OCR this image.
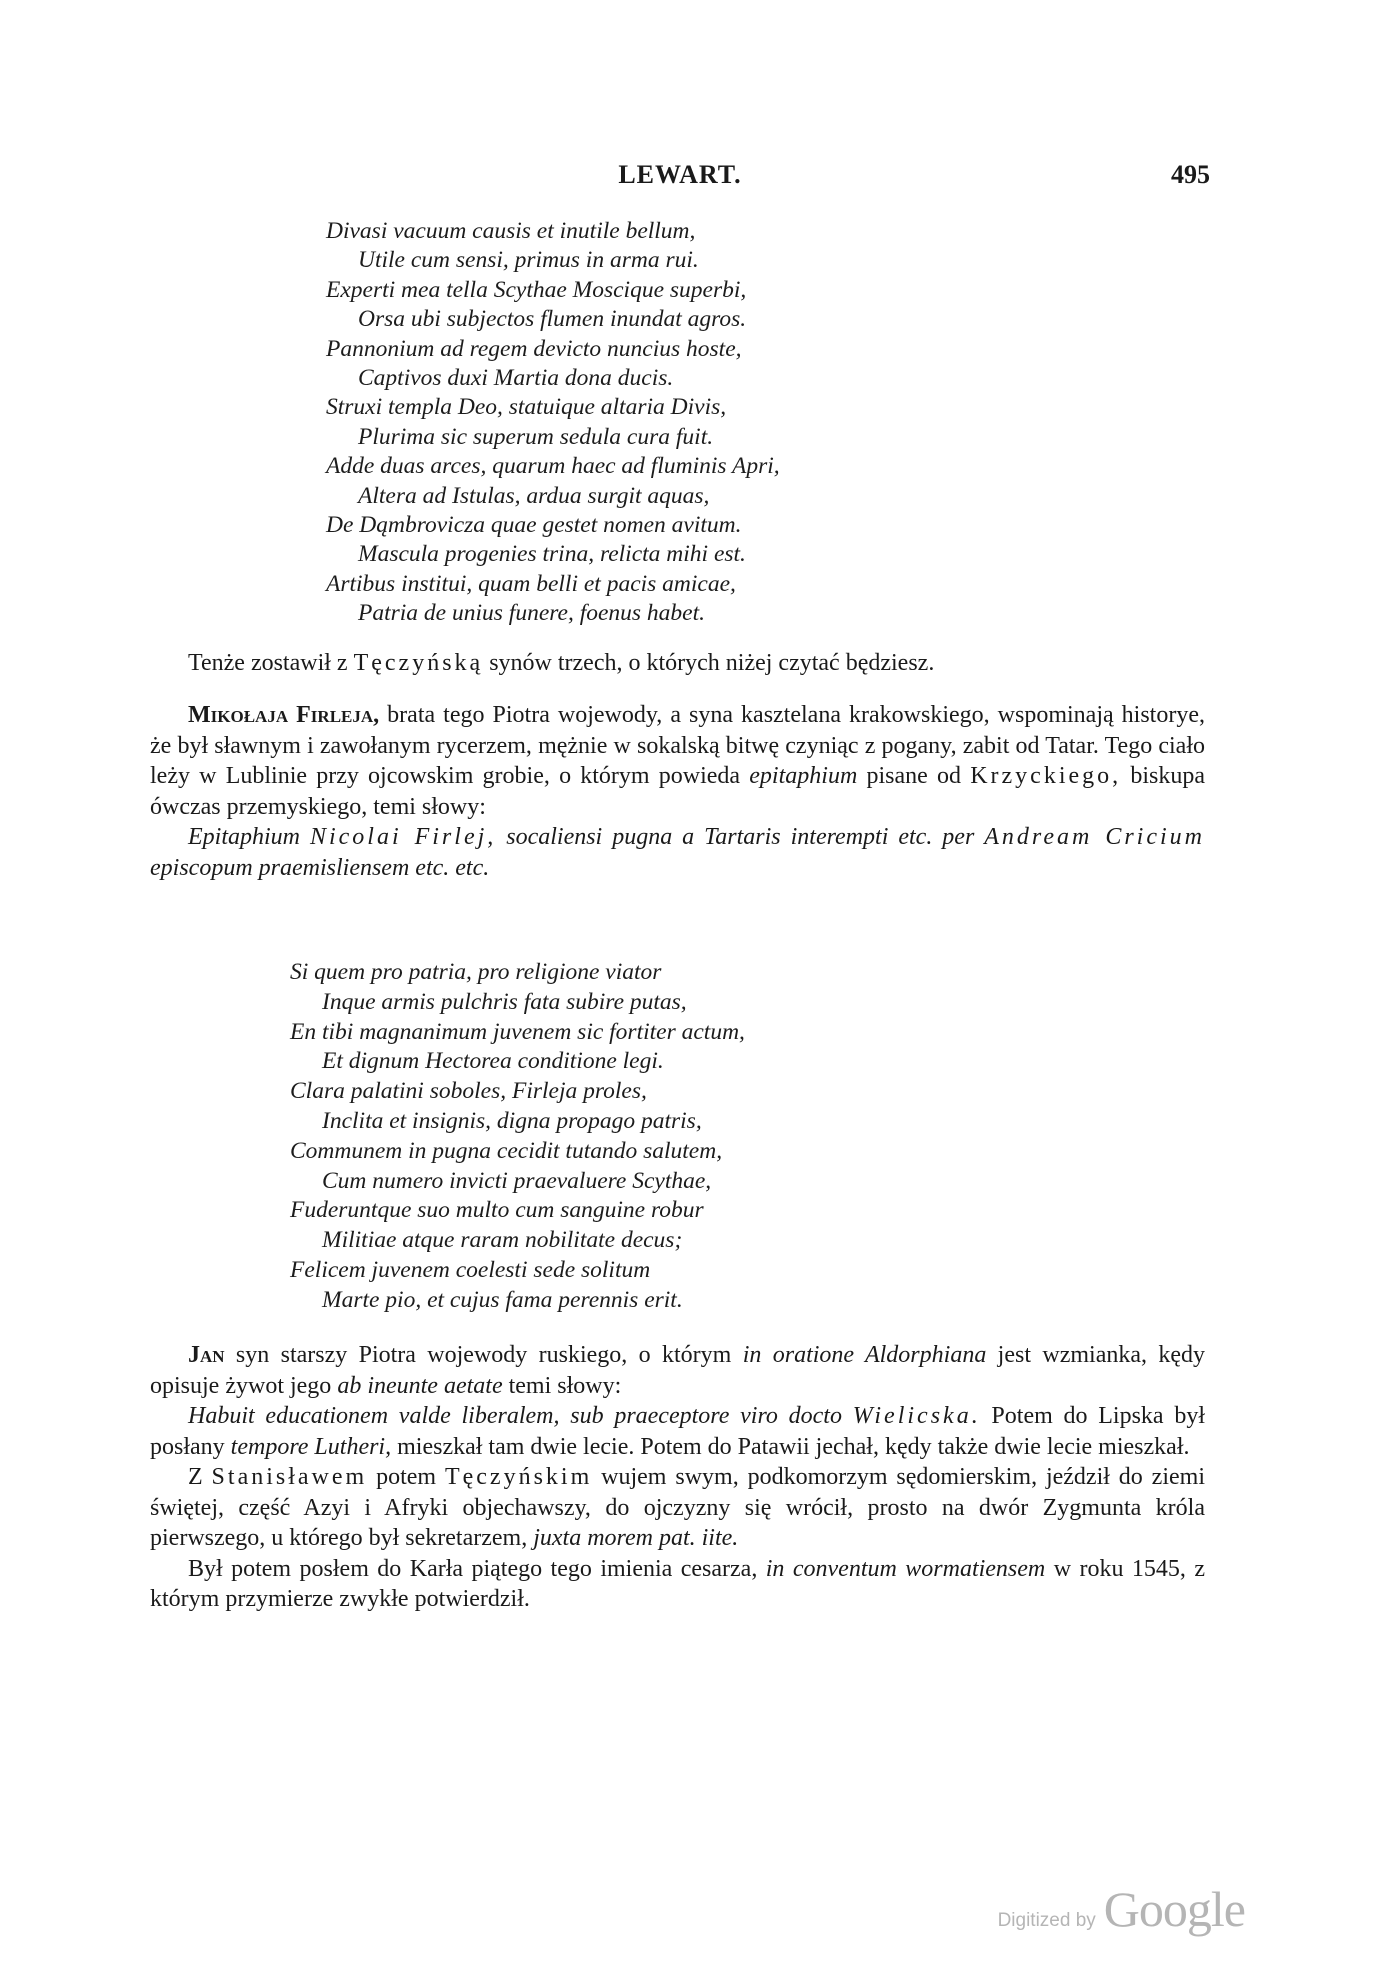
LEWART.	495
Divasi vacuum causis et inutile bellum,
Utile cum sensi, primus in arma rui.
Experti mea tella Scythae Moscique superbi,
Orsa ubi subjectos flumen inundat agros.
Pannonium ad regem devicto nuncius hoste,
Captivos duxi Martia dona ducis.
Struxi templa Deo, statuique altaria Divis,
Plurima sic superum sedula cura fuit.
Adde duas arces, quarum haec ad fluminis Apri,
Altera ad Istulas, ardua surgit aquas,
De Dąmbrovicza quae gestet nomen avitum.
Mascula progenies trina, relicta mihi est.
Artibus institui, quam belli et pacis amicae,
Patria de unius funere, foenus habet.

Tenże zostawił z Tęczyńską synów trzech, o których niżej czytać będziesz.

Mikołaja Firleja, brata tego Piotra wojewody, a syna kasztelana krakowskiego, wspominają historye, że był sławnym i zawołanym rycerzem, mężnie w sokalską bitwę czyniąc z pogany, zabit od Tatar. Tego ciało leży w Lublinie przy ojcowskim grobie, o którym powieda epitaphium pisane od Krzyckiego, biskupa ówczas przemyskiego, temi słowy:

Epitaphium Nicolai Firlej, socaliensi pugna a Tartaris interempti etc. per Andream Cricium episcopum praemisliensem etc. etc.

Si quem pro patria, pro religione viator
Inque armis pulchris fata subire putas,
En tibi magnanimum juvenem sic fortiter actum,
Et dignum Hectorea conditione legi.
Clara palatini soboles, Firleja proles,
Inclita et insignis, digna propago patris,
Communem in pugna cecidit tutando salutem,
Cum numero invicti praevaluere Scythae,
Fuderuntque suo multo cum sanguine robur
Militiae atque raram nobilitate decus;
Felicem juvenem coelesti sede solitum
Marte pio, et cujus fama perennis erit.

Jan syn starszy Piotra wojewody ruskiego, o którym in oratione Aldorphiana jest wzmianka, kędy opisuje żywot jego ab ineunte aetate temi słowy:

Habuit educationem valde liberalem, sub praeceptore viro docto Wielicska. Potem do Lipska był posłany tempore Lutheri, mieszkał tam dwie lecie. Potem do Patawii jechał, kędy także dwie lecie mieszkał.

Z Stanisławem potem Tęczyńskim wujem swym, podkomorzym sędomierskim, jeździł do ziemi świętej, część Azyi i Afryki objechawszy, do ojczyzny się wrócił, prosto na dwór Zygmunta króla pierwszego, u którego był sekretarzem, juxta morem pat. iite.

Był potem posłem do Karła piątego tego imienia cesarza, in conventum wormatiensem w roku 1545, z którym przymierze zwykłe potwierdził.

Digitized by Google
